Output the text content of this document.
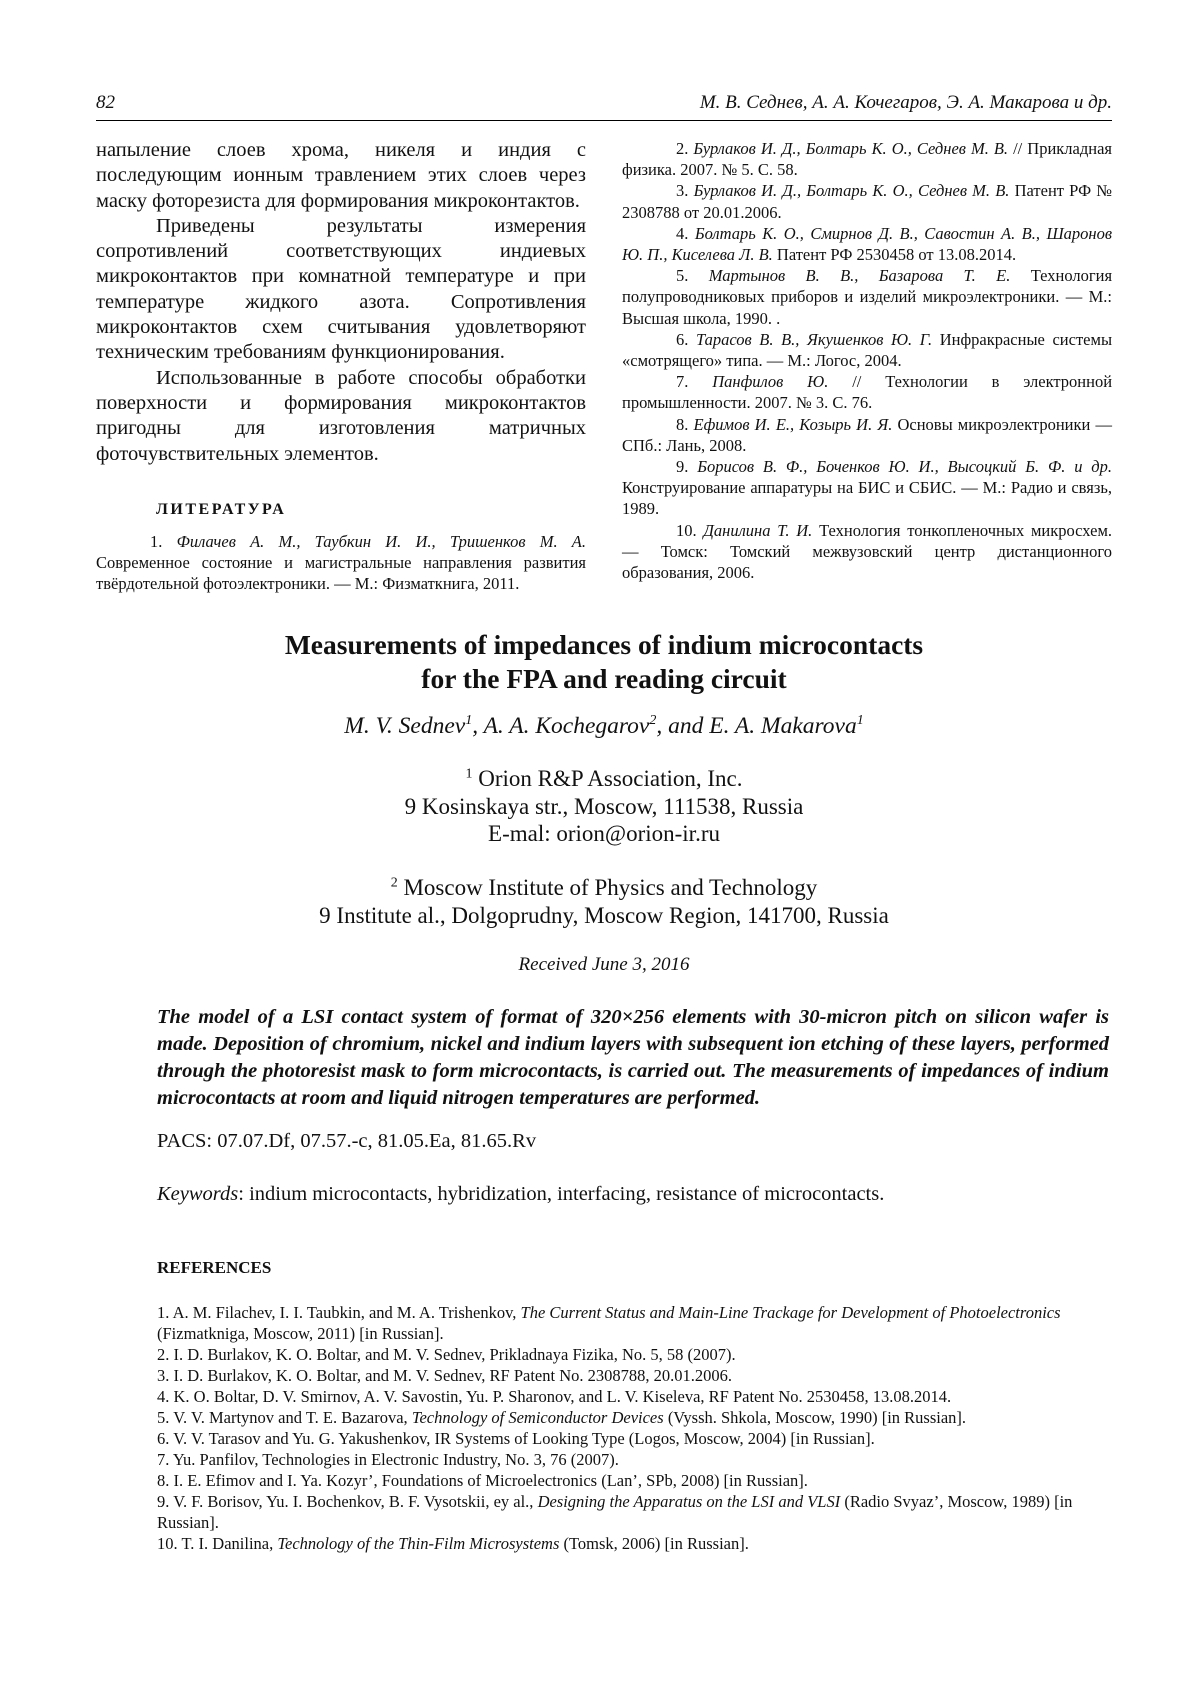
82	М. В. Седнев, А. А. Кочегаров, Э. А. Макарова и др.

напыление слоев хрома, никеля и индия с последующим ионным травлением этих слоев через маску фоторезиста для формирования микроконтактов.

Приведены результаты измерения сопротивлений соответствующих индиевых микроконтактов при комнатной температуре и при температуре жидкого азота. Сопротивления микроконтактов схем считывания удовлетворяют техническим требованиям функционирования.

Использованные в работе способы обработки поверхности и формирования микроконтактов пригодны для изготовления матричных фоточувствительных элементов.

ЛИТЕРАТУРА

1. Филачев А. М., Таубкин И. И., Тришенков М. А. Современное состояние и магистральные направления развития твёрдотельной фотоэлектроники. — М.: Физматкнига, 2011.

2. Бурлаков И. Д., Болтарь К. О., Седнев М. В. // Прикладная физика. 2007. № 5. С. 58.

3. Бурлаков И. Д., Болтарь К. О., Седнев М. В. Патент РФ № 2308788 от 20.01.2006.

4. Болтарь К. О., Смирнов Д. В., Савостин А. В., Шаронов Ю. П., Киселева Л. В. Патент РФ 2530458 от 13.08.2014.

5. Мартынов В. В., Базарова Т. Е. Технология полупроводниковых приборов и изделий микроэлектроники. — М.: Высшая школа, 1990. .

6. Тарасов В. В., Якушенков Ю. Г. Инфракрасные системы «смотрящего» типа. — М.: Логос, 2004.

7. Панфилов Ю. // Технологии в электронной промышленности. 2007. № 3. С. 76.

8. Ефимов И. Е., Козырь И. Я. Основы микроэлектроники — СПб.: Лань, 2008.

9. Борисов В. Ф., Боченков Ю. И., Высоцкий Б. Ф. и др. Конструирование аппаратуры на БИС и СБИС. — М.: Радио и связь, 1989.

10. Данилина Т. И. Технология тонкопленочных микросхем. — Томск: Томский межвузовский центр дистанционного образования, 2006.

Measurements of impedances of indium microcontacts
for the FPA and reading circuit

M. V. Sednev$^1$, A. A. Kochegarov$^2$, and E. A. Makarova$^1$

$^1$ Orion R&P Association, Inc.
9 Kosinskaya str., Moscow, 111538, Russia
E-mal: orion@orion-ir.ru

$^2$ Moscow Institute of Physics and Technology
9 Institute al., Dolgoprudny, Moscow Region, 141700, Russia

Received June 3, 2016

The model of a LSI contact system of format of 320×256 elements with 30-micron pitch on silicon wafer is made. Deposition of chromium, nickel and indium layers with subsequent ion etching of these layers, performed through the photoresist mask to form microcontacts, is carried out. The measurements of impedances of indium microcontacts at room and liquid nitrogen temperatures are performed.

PACS: 07.07.Df, 07.57.-c, 81.05.Ea, 81.65.Rv

Keywords: indium microcontacts, hybridization, interfacing, resistance of microcontacts.

REFERENCES

1. A. M. Filachev, I. I. Taubkin, and M. A. Trishenkov, The Current Status and Main-Line Trackage for Development of Photoelectronics (Fizmatkniga, Moscow, 2011) [in Russian].

2. I. D. Burlakov, K. O. Boltar, and M. V. Sednev, Prikladnaya Fizika, No. 5, 58 (2007).

3. I. D. Burlakov, K. O. Boltar, and M. V. Sednev, RF Patent No. 2308788, 20.01.2006.

4. K. O. Boltar, D. V. Smirnov, A. V. Savostin, Yu. P. Sharonov, and L. V. Kiseleva, RF Patent No. 2530458, 13.08.2014.

5. V. V. Martynov and T. E. Bazarova, Technology of Semiconductor Devices (Vyssh. Shkola, Moscow, 1990) [in Russian].

6. V. V. Tarasov and Yu. G. Yakushenkov, IR Systems of Looking Type (Logos, Moscow, 2004) [in Russian].

7. Yu. Panfilov, Technologies in Electronic Industry, No. 3, 76 (2007).

8. I. E. Efimov and I. Ya. Kozyr’, Foundations of Microelectronics (Lan’, SPb, 2008) [in Russian].

9. V. F. Borisov, Yu. I. Bochenkov, B. F. Vysotskii, ey al., Designing the Apparatus on the LSI and VLSI (Radio Svyaz’, Moscow, 1989) [in Russian].

10. T. I. Danilina, Technology of the Thin-Film Microsystems (Tomsk, 2006) [in Russian].
